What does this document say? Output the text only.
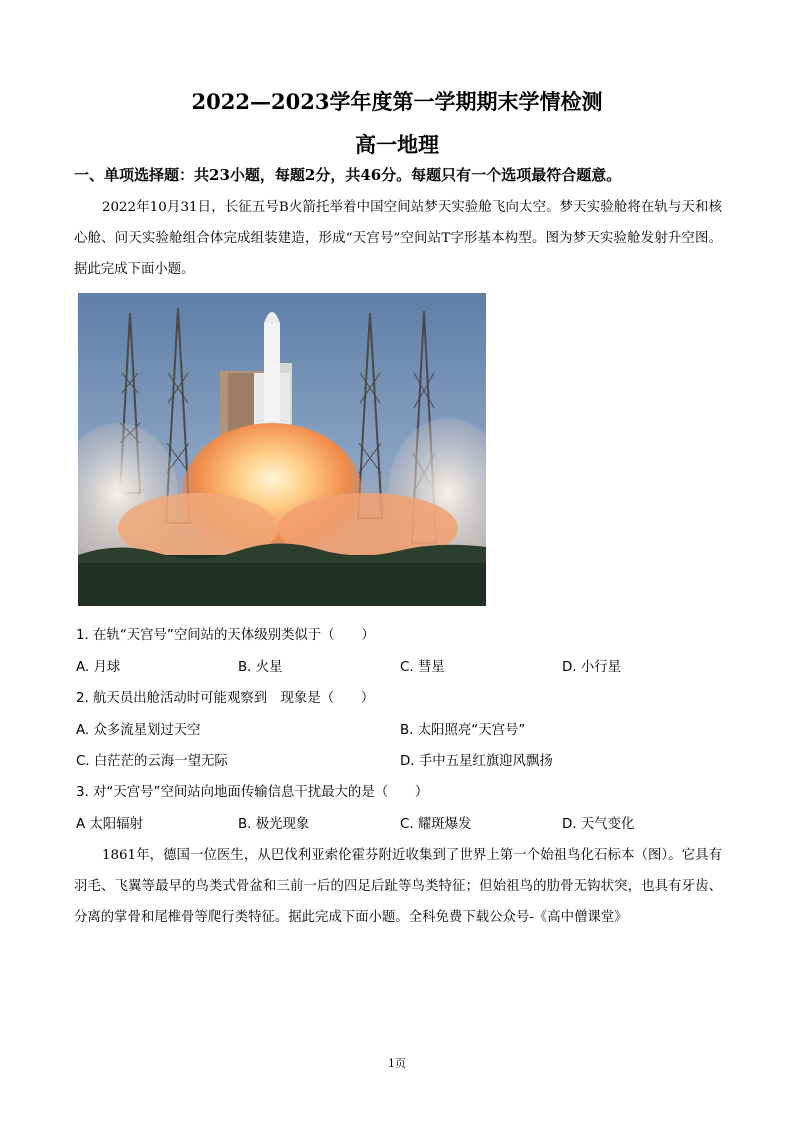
2022—2023学年度第一学期期末学情检测
高一地理
一、单项选择题：共23小题，每题2分，共46分。每题只有一个选项最符合题意。

2022年10月31日，长征五号B火箭托举着中国空间站梦天实验舱飞向太空。梦天实验舱将在轨与天和核心舱、问天实验舱组合体完成组装建造，形成“天宫号”空间站T字形基本构型。图为梦天实验舱发射升空图。据此完成下面小题。

1. 在轨“天宫号”空间站的天体级别类似于（　　）
A. 月球	B. 火星	C. 彗星	D. 小行星
2. 航天员出舱活动时可能观察到　现象是（　　）
A. 众多流星划过天空	B. 太阳照亮“天宫号”
C. 白茫茫的云海一望无际	D. 手中五星红旗迎风飘扬
3. 对“天宫号”空间站向地面传输信息干扰最大的是（　　）
A 太阳辐射	B. 极光现象	C. 耀斑爆发	D. 天气变化

1861年，德国一位医生，从巴伐利亚索伦霍芬附近收集到了世界上第一个始祖鸟化石标本（图）。它具有羽毛、飞翼等最早的鸟类式骨盆和三前一后的四足后趾等鸟类特征；但始祖鸟的肋骨无钩状突，也具有牙齿、分离的掌骨和尾椎骨等爬行类特征。据此完成下面小题。全科免费下载公众号-《高中僧课堂》

1页
